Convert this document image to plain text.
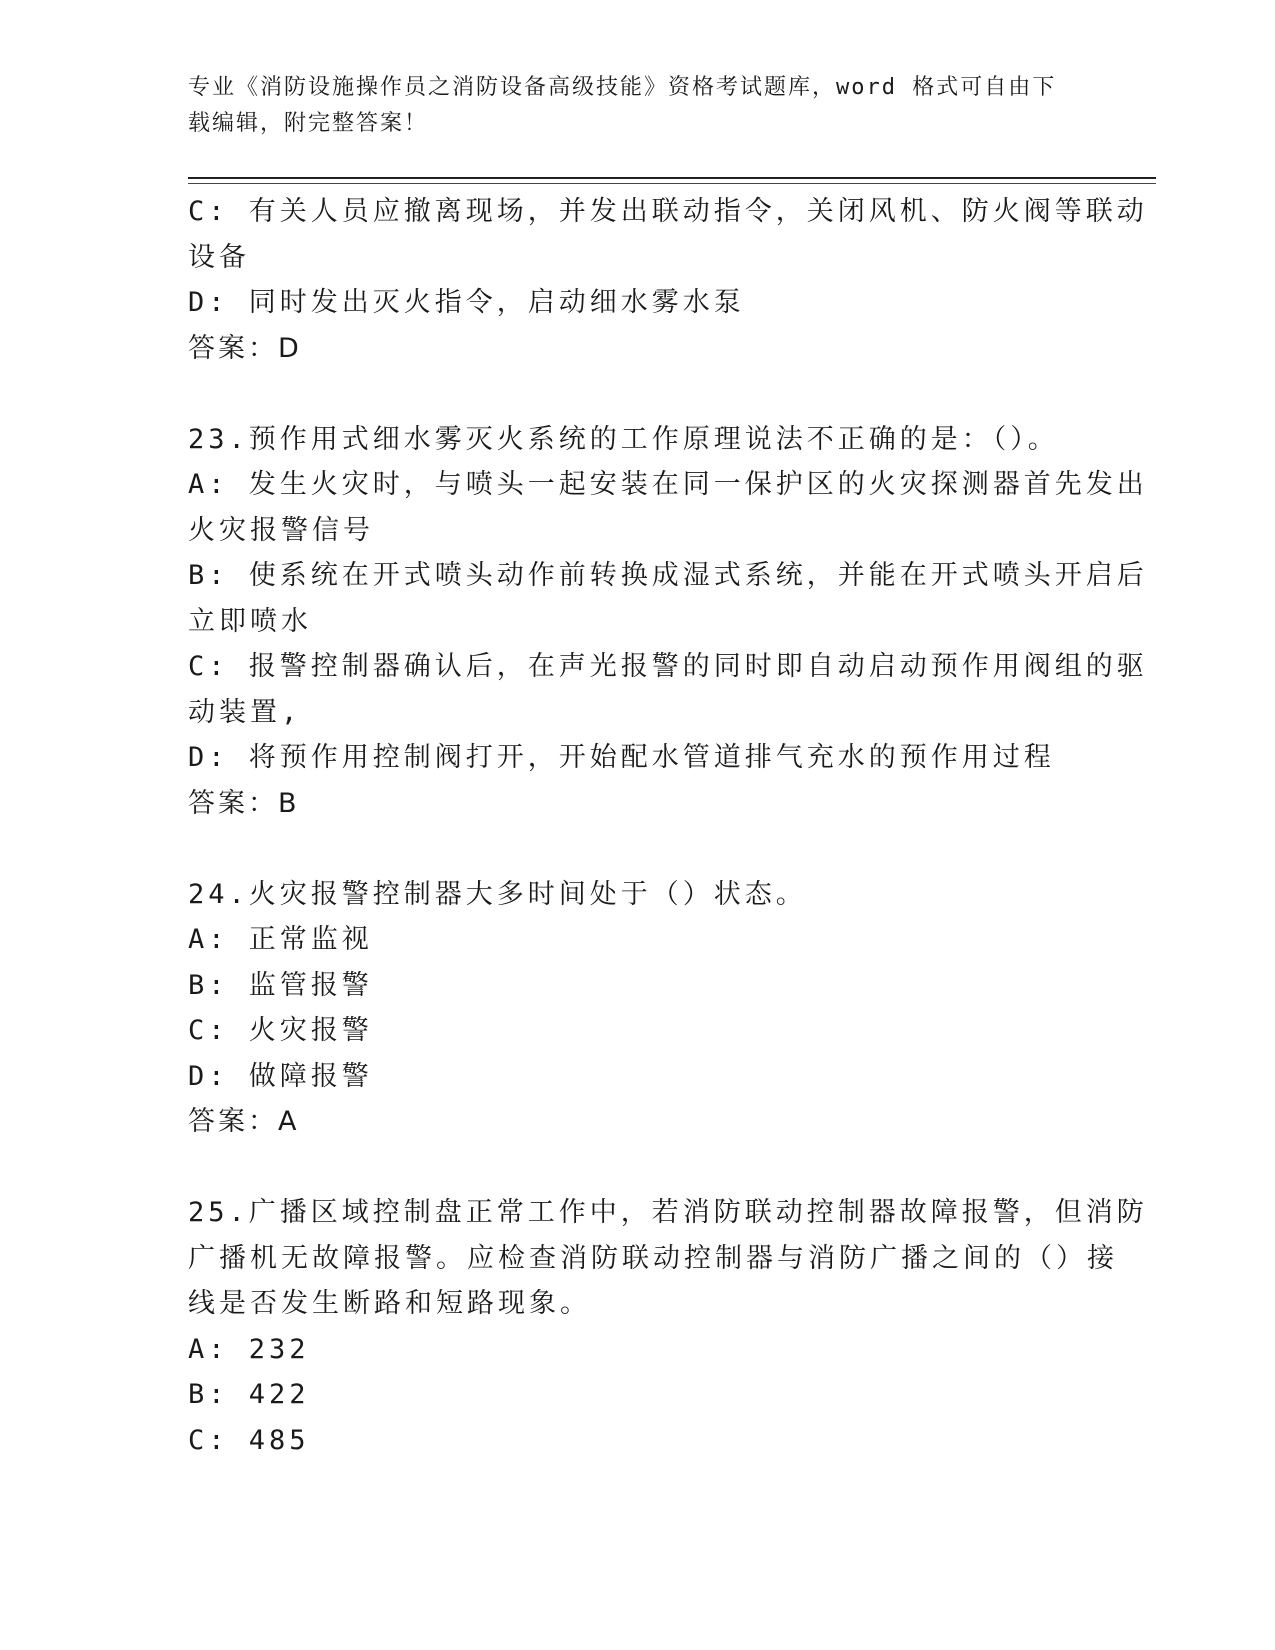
专业《消防设施操作员之消防设备高级技能》资格考试题库，word 格式可自由下
载编辑，附完整答案！
C: 有关人员应撤离现场，并发出联动指令，关闭风机、防火阀等联动
设备
D: 同时发出灭火指令，启动细水雾水泵
答案：D
23.预作用式细水雾灭火系统的工作原理说法不正确的是：（）。
A: 发生火灾时，与喷头一起安装在同一保护区的火灾探测器首先发出
火灾报警信号
B: 使系统在开式喷头动作前转换成湿式系统，并能在开式喷头开启后
立即喷水
C: 报警控制器确认后，在声光报警的同时即自动启动预作用阀组的驱
动装置,
D: 将预作用控制阀打开，开始配水管道排气充水的预作用过程
答案：B
24.火灾报警控制器大多时间处于（）状态。
A: 正常监视
B: 监管报警
C: 火灾报警
D: 做障报警
答案：A
25.广播区域控制盘正常工作中，若消防联动控制器故障报警，但消防
广播机无故障报警。应检查消防联动控制器与消防广播之间的（）接
线是否发生断路和短路现象。
A: 232
B: 422
C: 485
